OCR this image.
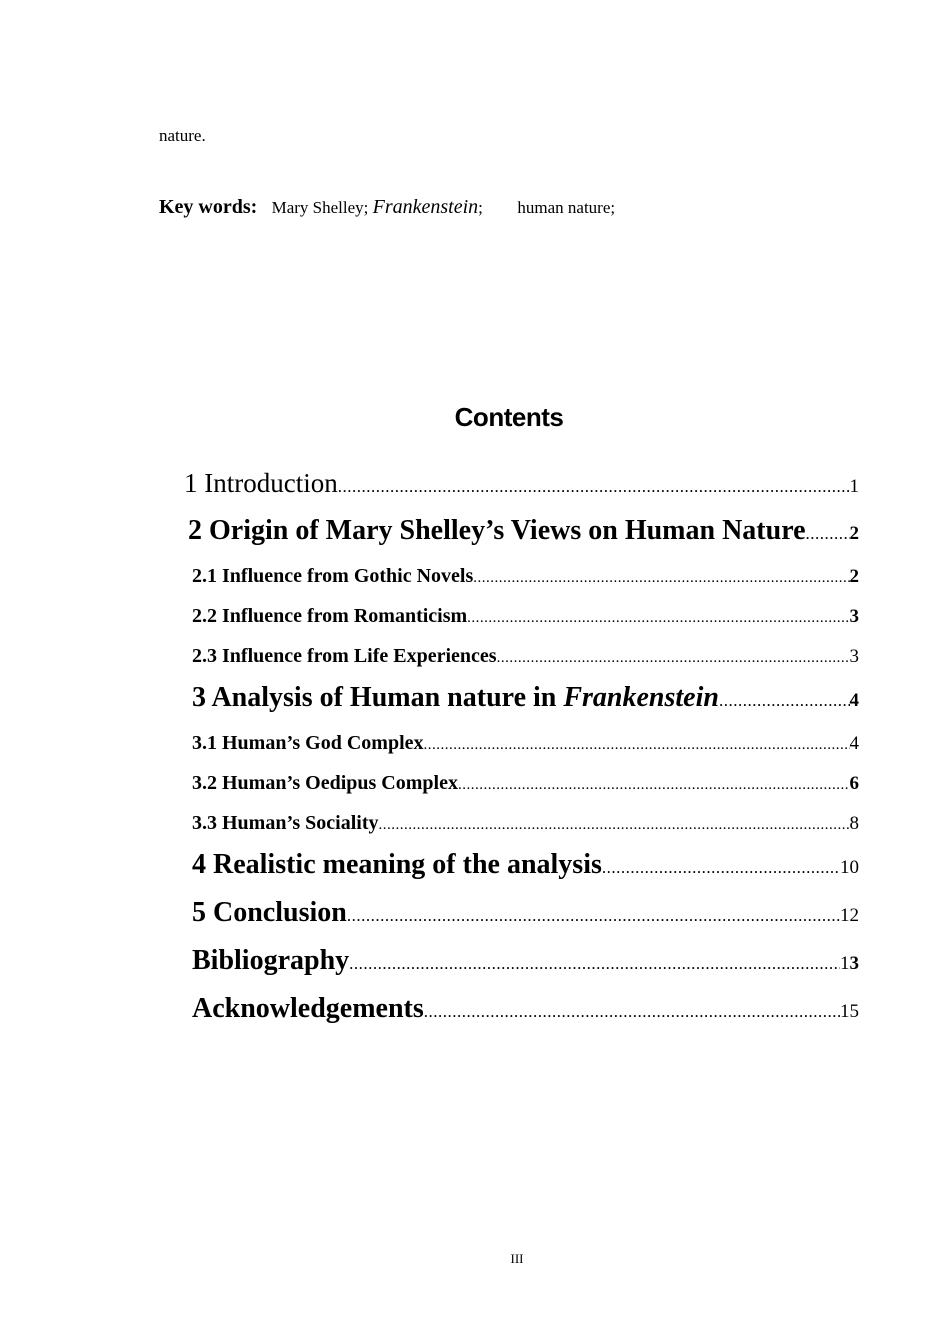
nature.
Key words: Mary Shelley; Frankenstein; human nature;
Contents
1 Introduction .....	1
2 Origin of Mary Shelley’s Views on Human Nature ..... 2
2.1 Influence from Gothic Novels .....	2
2.2 Influence from Romanticism .....	3
2.3 Influence from Life Experiences .....	3
3 Analysis of Human nature in Frankenstein .....	4
3.1 Human’s God Complex .....	4
3.2 Human’s Oedipus Complex .....	6
3.3 Human’s Sociality .....	8
4 Realistic meaning of the analysis .....	10
5 Conclusion .....	12
Bibliography .....	13
Acknowledgements .....	15
III
